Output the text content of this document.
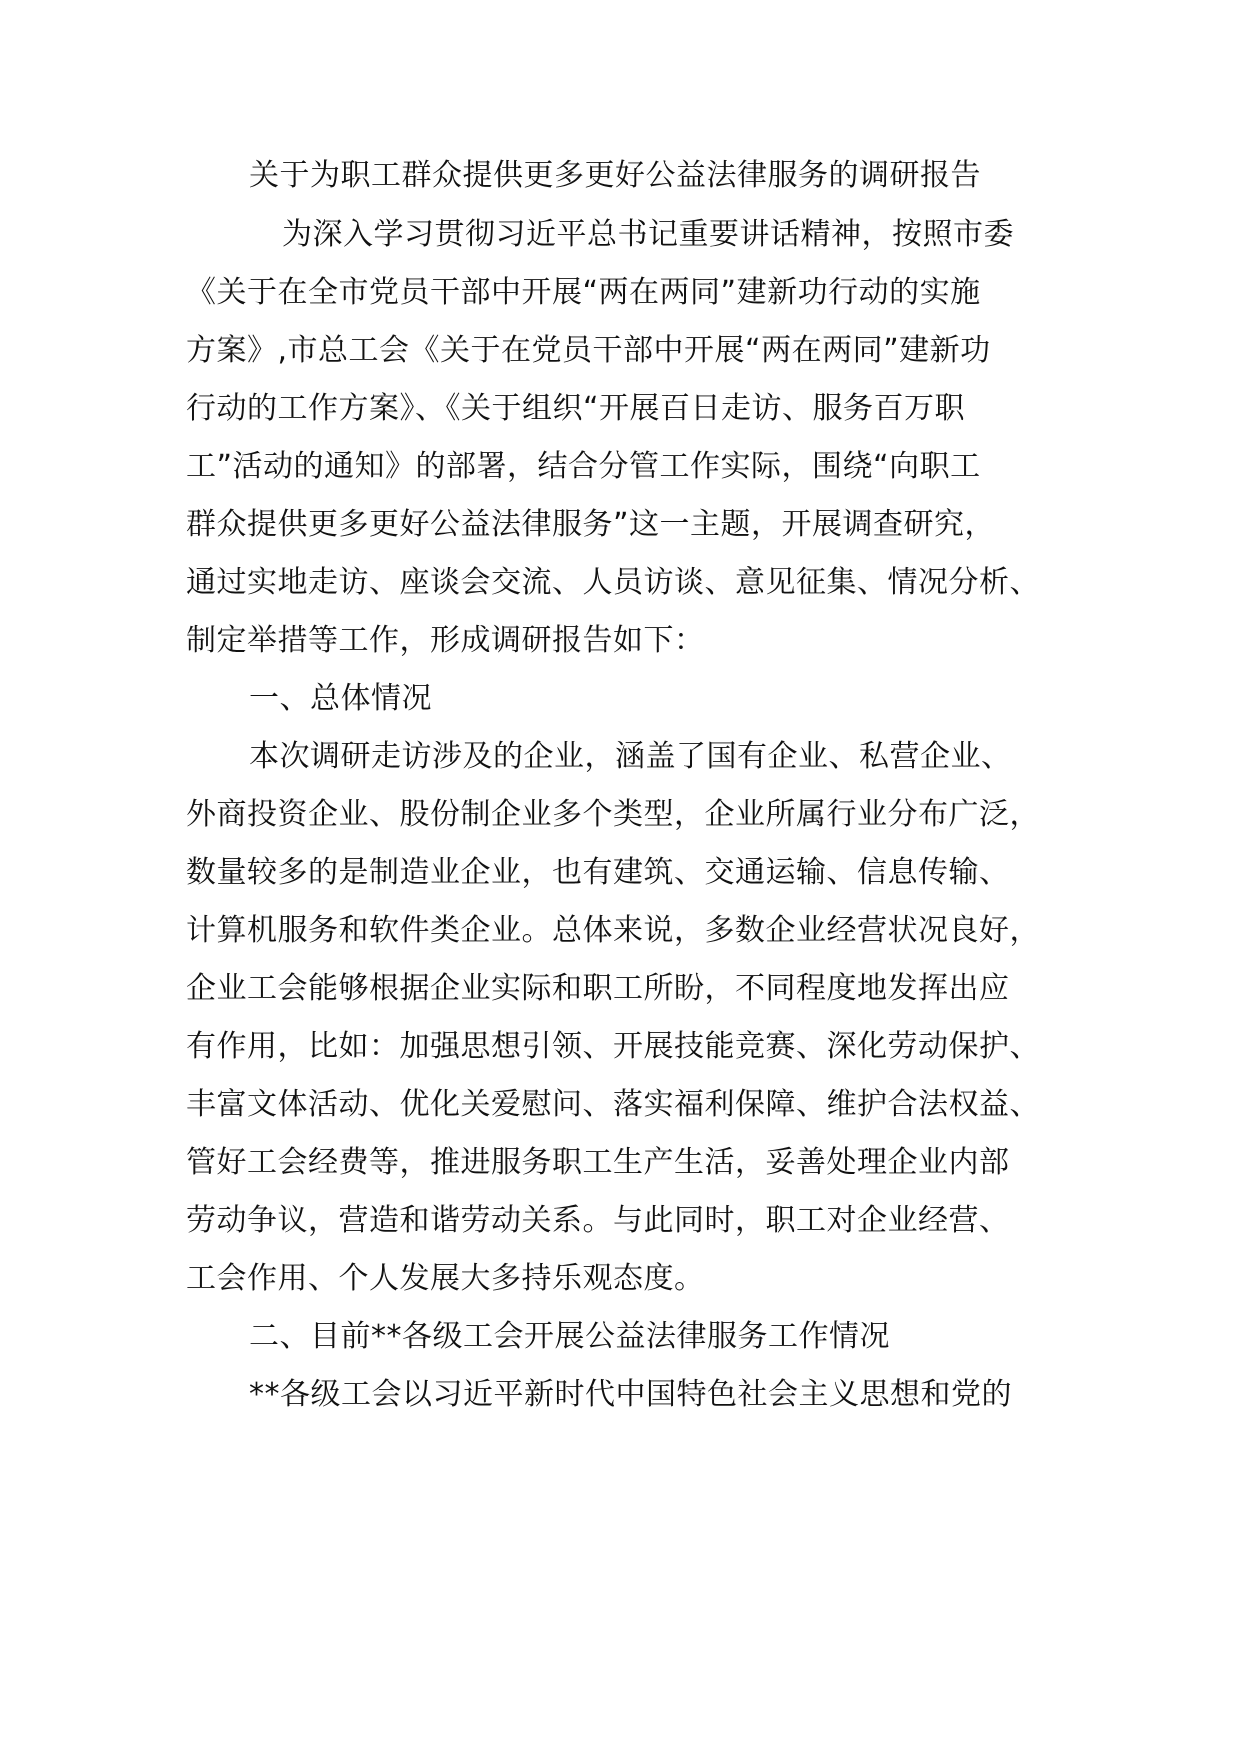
关于为职工群众提供更多更好公益法律服务的调研报告
为深入学习贯彻习近平总书记重要讲话精神，按照市委
《关于在全市党员干部中开展“两在两同”建新功行动的实施
方案》,市总工会《关于在党员干部中开展“两在两同”建新功
行动的工作方案》、《关于组织“开展百日走访、服务百万职
工”活动的通知》的部署，结合分管工作实际，围绕“向职工
群众提供更多更好公益法律服务”这一主题，开展调查研究，
通过实地走访、座谈会交流、人员访谈、意见征集、情况分析、
制定举措等工作，形成调研报告如下：
一、总体情况
本次调研走访涉及的企业，涵盖了国有企业、私营企业、
外商投资企业、股份制企业多个类型，企业所属行业分布广泛，
数量较多的是制造业企业，也有建筑、交通运输、信息传输、
计算机服务和软件类企业。总体来说，多数企业经营状况良好，
企业工会能够根据企业实际和职工所盼，不同程度地发挥出应
有作用，比如：加强思想引领、开展技能竞赛、深化劳动保护、
丰富文体活动、优化关爱慰问、落实福利保障、维护合法权益、
管好工会经费等，推进服务职工生产生活，妥善处理企业内部
劳动争议，营造和谐劳动关系。与此同时，职工对企业经营、
工会作用、个人发展大多持乐观态度。
二、目前**各级工会开展公益法律服务工作情况
**各级工会以习近平新时代中国特色社会主义思想和党的
